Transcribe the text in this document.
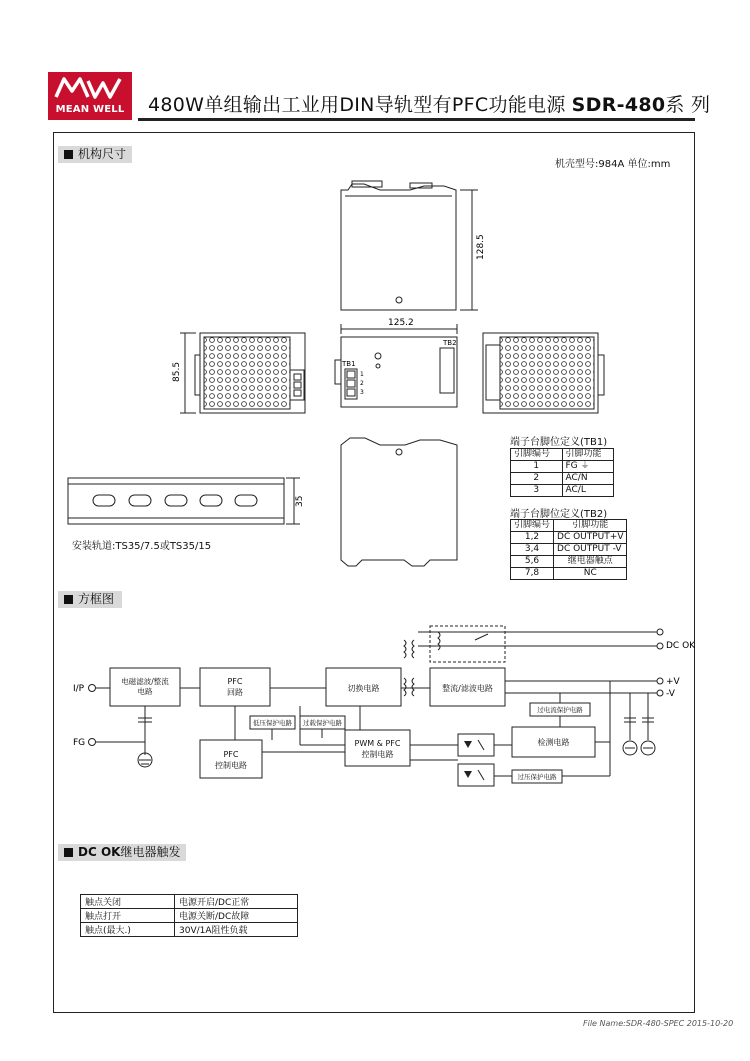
MEAN WELL	480W单组输出工业用DIN导轨型有PFC功能电源 SDR-480系 列
机构尺寸
机壳型号:984A 单位:mm
128.5
125.2
85.5
35
TB1
TB2
1
2
3
安装轨道:TS35/7.5或TS35/15
端子台脚位定义(TB1)
引脚编号	引脚功能
1	FG ⏚
2	AC/N
3	AC/L
端子台脚位定义(TB2)
引脚编号	引脚功能
1,2	DC OUTPUT+V
3,4	DC OUTPUT -V
5,6	继电器触点
7,8	NC
方框图
I/P
FG
DC OK
+V
-V
电磁滤波/整流
电路
PFC
回路	切换电路	整流/滤波电路
PFC
控制电路
低压保护电路	过载保护电路
PWM & PFC
控制电路
过电流保护电路
检测电路
过压保护电路
DC OK继电器触发
触点关闭	电源开启/DC正常
触点打开	电源关断/DC故障
触点(最大.)	30V/1A阻性负载
File Name:SDR-480-SPEC 2015-10-20
